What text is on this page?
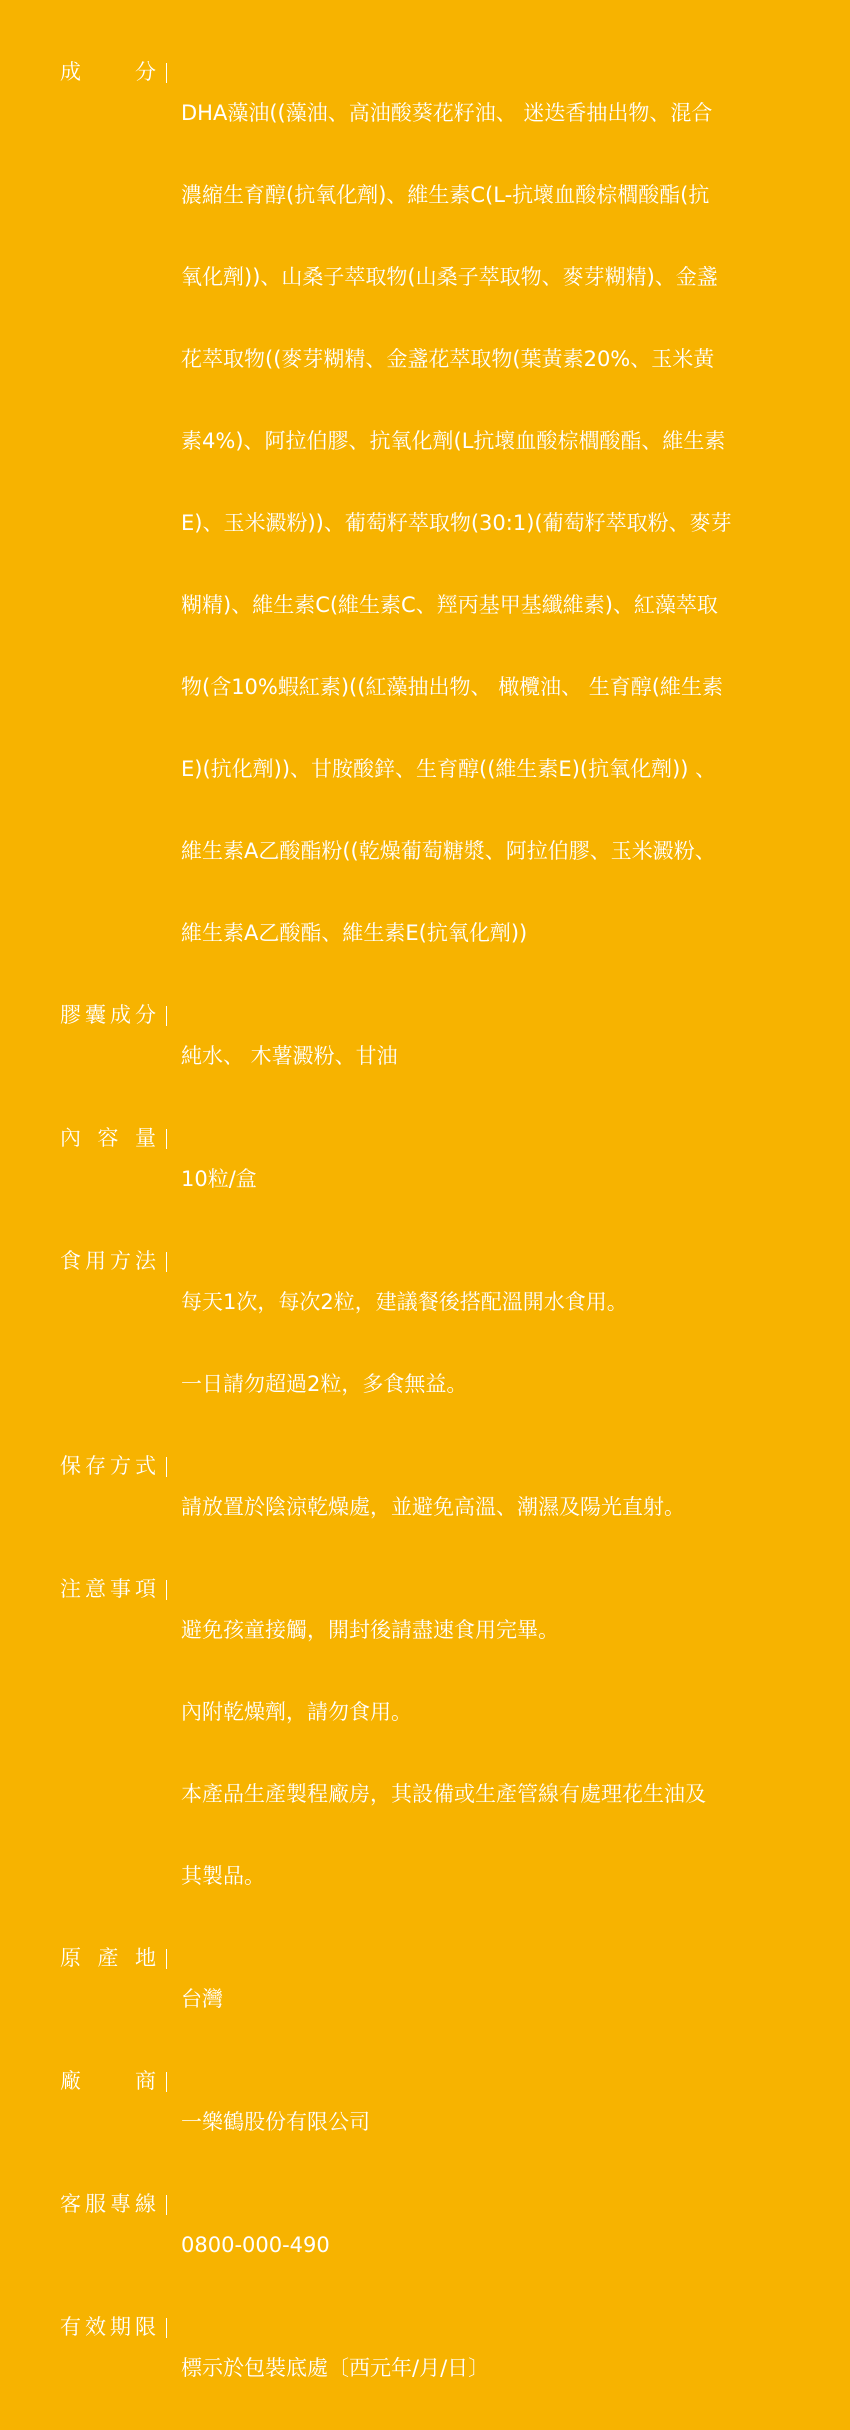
成分

DHA藻油((藻油、高油酸葵花籽油、 迷迭香抽出物、混合

濃縮生育醇(抗氧化劑)、維生素C(L-抗壞血酸棕櫚酸酯(抗

氧化劑))、山桑子萃取物(山桑子萃取物、麥芽糊精)、金盞

花萃取物((麥芽糊精、金盞花萃取物(葉黃素20%、玉米黃

素4%)、阿拉伯膠、抗氧化劑(L抗壞血酸棕櫚酸酯、維生素

E)、玉米澱粉))、葡萄籽萃取物(30:1)(葡萄籽萃取粉、麥芽

糊精)、維生素C(維生素C、羥丙基甲基纖維素)、紅藻萃取

物(含10%蝦紅素)((紅藻抽出物、 橄欖油、 生育醇(維生素

E)(抗化劑))、甘胺酸鋅、生育醇((維生素E)(抗氧化劑)) 、

維生素A乙酸酯粉((乾燥葡萄糖漿、阿拉伯膠、玉米澱粉、

維生素A乙酸酯、維生素E(抗氧化劑))

膠囊成分

純水、 木薯澱粉、甘油

內容量

10粒/盒

食用方法

每天1次，每次2粒，建議餐後搭配溫開水食用。

一日請勿超過2粒，多食無益。

保存方式

請放置於陰涼乾燥處，並避免高溫、潮濕及陽光直射。

注意事項

避免孩童接觸，開封後請盡速食用完畢。

內附乾燥劑，請勿食用。

本產品生產製程廠房，其設備或生產管線有處理花生油及

其製品。

原產地

台灣

廠商

一樂鶴股份有限公司

客服專線

0800-000-490

有效期限

標示於包裝底處〔西元年/月/日〕
